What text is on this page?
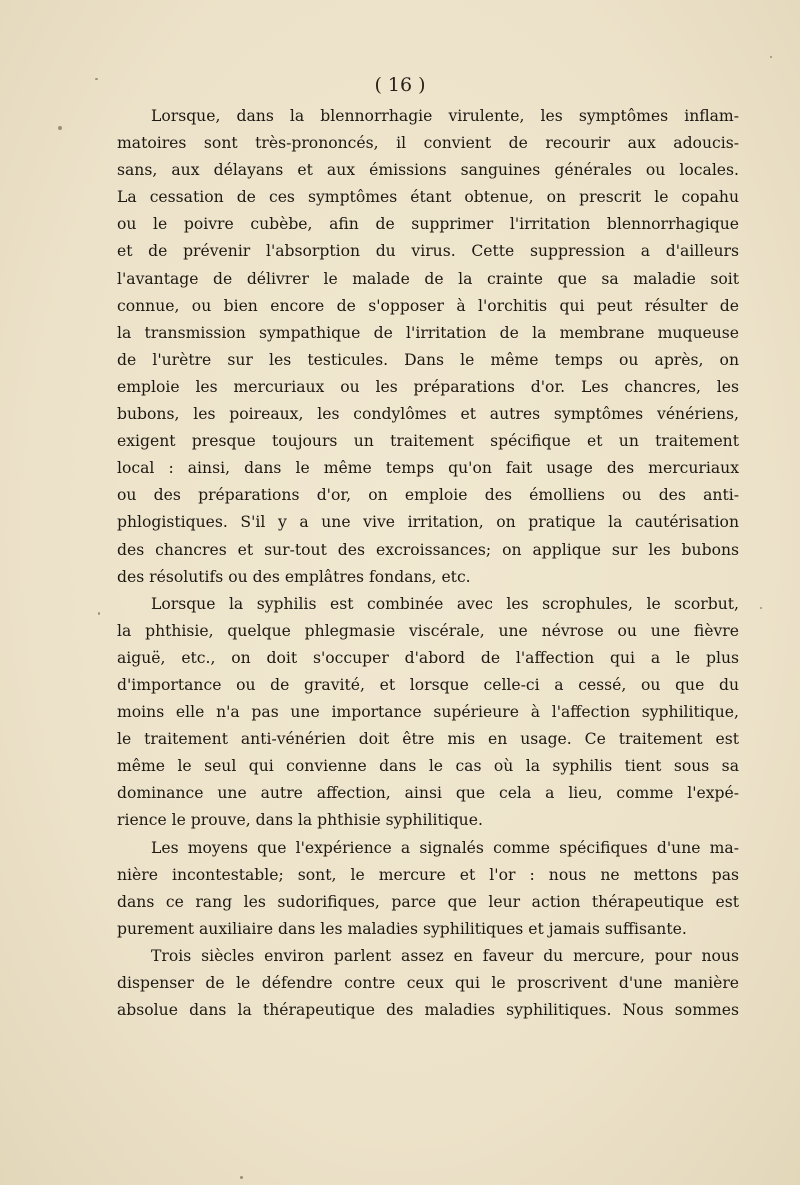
( 16 )

Lorsque, dans la blennorrhagie virulente, les symptômes inflam-
matoires sont très-prononcés, il convient de recourir aux adoucis-
sans, aux délayans et aux émissions sanguines générales ou locales.
La cessation de ces symptômes étant obtenue, on prescrit le copahu
ou le poivre cubèbe, afin de supprimer l'irritation blennorrhagique
et de prévenir l'absorption du virus. Cette suppression a d'ailleurs
l'avantage de délivrer le malade de la crainte que sa maladie soit
connue, ou bien encore de s'opposer à l'orchitis qui peut résulter de
la transmission sympathique de l'irritation de la membrane muqueuse
de l'urètre sur les testicules. Dans le même temps ou après, on
emploie les mercuriaux ou les préparations d'or. Les chancres, les
bubons, les poireaux, les condylômes et autres symptômes vénériens,
exigent presque toujours un traitement spécifique et un traitement
local : ainsi, dans le même temps qu'on fait usage des mercuriaux
ou des préparations d'or, on emploie des émolliens ou des anti-
phlogistiques. S'il y a une vive irritation, on pratique la cautérisation
des chancres et sur-tout des excroissances; on applique sur les bubons
des résolutifs ou des emplâtres fondans, etc.

Lorsque la syphilis est combinée avec les scrophules, le scorbut,
la phthisie, quelque phlegmasie viscérale, une névrose ou une fièvre
aiguë, etc., on doit s'occuper d'abord de l'affection qui a le plus
d'importance ou de gravité, et lorsque celle-ci a cessé, ou que du
moins elle n'a pas une importance supérieure à l'affection syphilitique,
le traitement anti-vénérien doit être mis en usage. Ce traitement est
même le seul qui convienne dans le cas où la syphilis tient sous sa
dominance une autre affection, ainsi que cela a lieu, comme l'expé-
rience le prouve, dans la phthisie syphilitique.

Les moyens que l'expérience a signalés comme spécifiques d'une ma-
nière incontestable; sont, le mercure et l'or : nous ne mettons pas
dans ce rang les sudorifiques, parce que leur action thérapeutique est
purement auxiliaire dans les maladies syphilitiques et jamais suffisante.

Trois siècles environ parlent assez en faveur du mercure, pour nous
dispenser de le défendre contre ceux qui le proscrivent d'une manière
absolue dans la thérapeutique des maladies syphilitiques. Nous sommes
